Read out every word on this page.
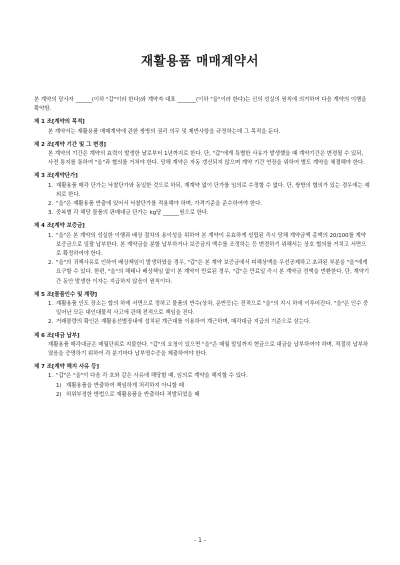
재활용품 매매계약서

본 계약의 당사자 ______(이하 "갑"이라 한다)와 계약자 대표 _______(이하 "을"이라 한다)는 신의 성실의 원칙에 의거하여 다음 계약의 이행을 확약함.

제 1 조[계약의 목적]
본 계약서는 재활용품 매매계약에 관한 쌍방의 권리 의무 및 제반사항을 규정하는데 그 목적을 둔다.
제 2 조[계약 기간 및 그 변경]
본 계약의 기간은 계약의 효력이 발생한 날로부터 1년까지로 한다. 단, "갑"에게 특별한 사유가 발생했을 때 계약기간은 변경될 수 있되, 사전 통지를 통하여 "을"과 협의를 거쳐야 한다. 당해 계약은 자동 갱신되지 않으며 계약 기간 연장을 위하여 별도 계약을 체결해야 한다.
제 3 조[계약단가]
1. 재활용품 매각 단가는 낙찰단가와 동일한 것으로 하되, 재계약 없이 단가를 임의로 수정할 수 없다. 단, 쌍방의 협의가 있는 경우에는 예외로 한다.
2. "을"은 재활용품 반출에 있어서 낙찰단가를 적용해야 하며, 가격기준을 준수하여야 한다.
3. 중복별 각 해당 물품의 판매대금 단가는 kg당 ______원으로 한다.
제 4 조[계약 보증금]
1. "을"은 본 계약의 성실한 이행과 배상 절차의 용이성을 위하여 본 계약이 유효하게 성립된 즉시 당해 계약금액 총액의 20/100를 계약 보증금으로 일괄 납부한다. 본 계약금을 분할 납부하거나 보증금의 액수를 조정하는 등 변경하기 위해서는 상호 협의를 거치고 서면으로 확정하여야 한다.
2. "을"의 귀책사유로 인하여 배상책임이 발생하였을 경우, "갑"은 본 계약 보증금에서 피해상액을 우선공제하고 초과된 부분을 "을"에게 요구할 수 있다. 한편, "을"의 해태나 배상책임 없이 본 계약이 만료된 경우, "갑"은 만료일 즉시 본 계약금 전액을 반환한다. 단, 계약기간 동안 발생한 이자는 지급하지 않음이 원칙이다.
제 5 조[물품인수 및 계량]
1. 재활용품 인도 장소는 합의 하에 서면으로 정하고 물품의 반수(상차, 운반등)는 전적으로 "을"의 지시 하에 이루어진다. "을"은 인수 중 일어난 모든 대인대물적 사고에 관해 전적으로 책임을 진다.
2. 거래물량의 확인은 재활용선별장내에 설치된 계근대를 이용하여 계근하며, 매각대금 지급의 기준으로 삼는다.
제 6 조[대금 납부]
재활용품 매각대금은 매월단위로 지불한다. "갑"의 요청이 있으면 "을"은 매월 말일까지 현금으로 대금을 납부하여야 하며, 적절히 납부하였음을 증명하기 위하여 각 분기마다 납부영수증을 제출하여야 한다.
제 7 조[계약 해지 사유 등]
1. "갑"은 "을"이 다음 각 호와 같은 사유에 해당할 때, 임의로 계약을 해지할 수 있다.
1) 재활용품을 반출하여 책임하게 처리하지 아니할 때
2) 허위부정한 방법으로 재활용품을 반출하다 적발되었을 때
- 1 -
